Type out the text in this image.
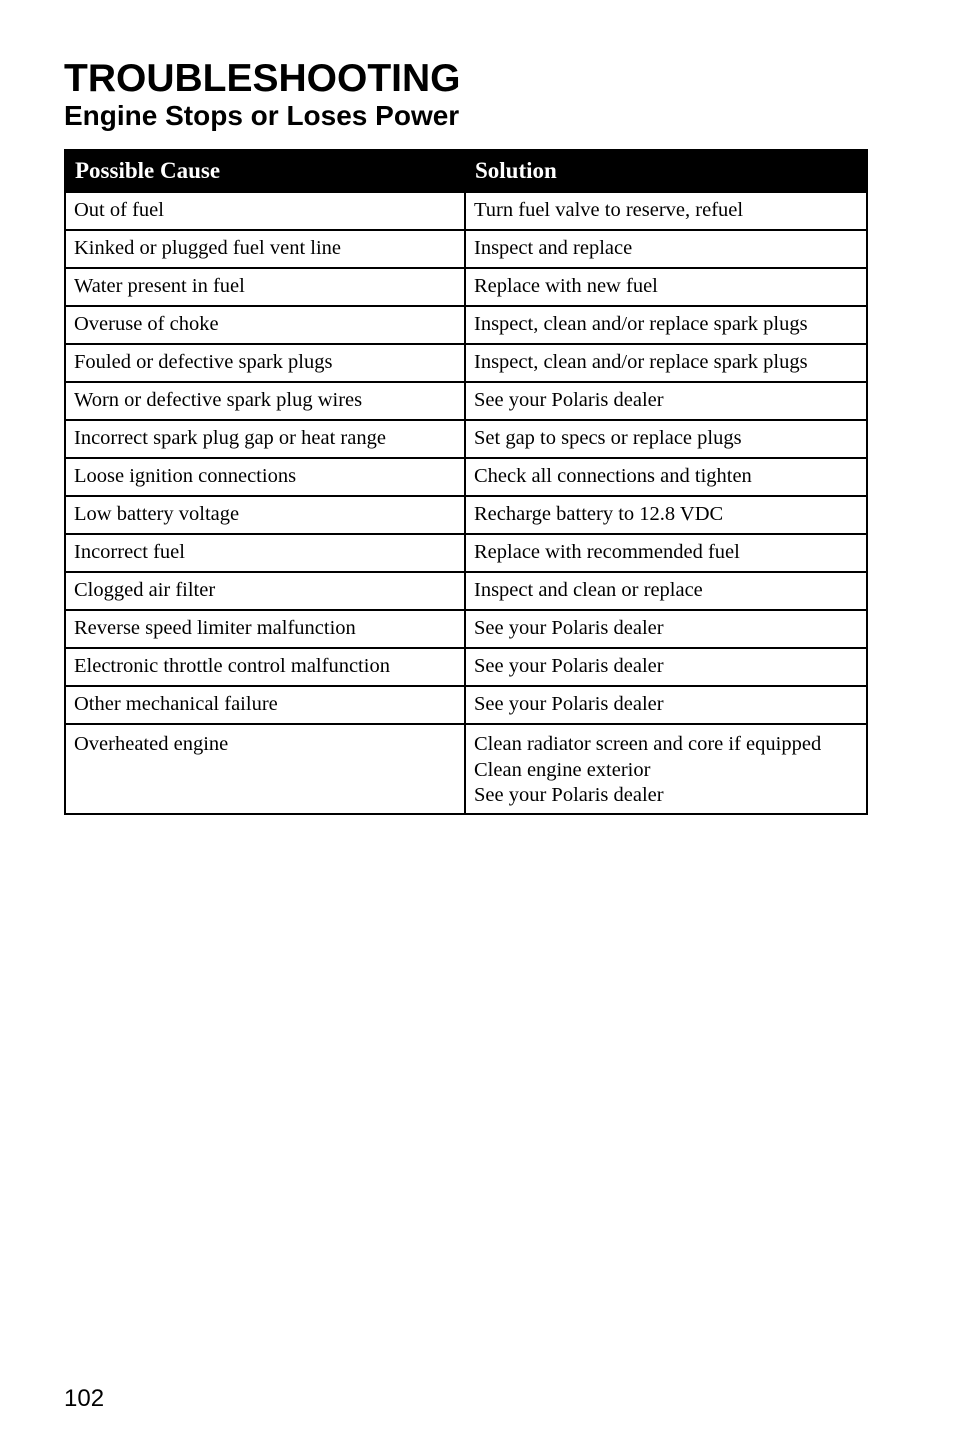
TROUBLESHOOTING
Engine Stops or Loses Power
Possible Cause	Solution
Out of fuel	Turn fuel valve to reserve, refuel

Kinked or plugged fuel vent line	Inspect and replace

Water present in fuel	Replace with new fuel

Overuse of choke	Inspect, clean and/or replace spark plugs

Fouled or defective spark plugs	Inspect, clean and/or replace spark plugs

Worn or defective spark plug wires	See your Polaris dealer

Incorrect spark plug gap or heat range	Set gap to specs or replace plugs

Loose ignition connections	Check all connections and tighten

Low battery voltage	Recharge battery to 12.8 VDC

Incorrect fuel	Replace with recommended fuel

Clogged air filter	Inspect and clean or replace

Reverse speed limiter malfunction	See your Polaris dealer

Electronic throttle control malfunction	See your Polaris dealer

Other mechanical failure	See your Polaris dealer

Overheated engine	Clean radiator screen and core if equipped
Clean engine exterior
See your Polaris dealer
102
